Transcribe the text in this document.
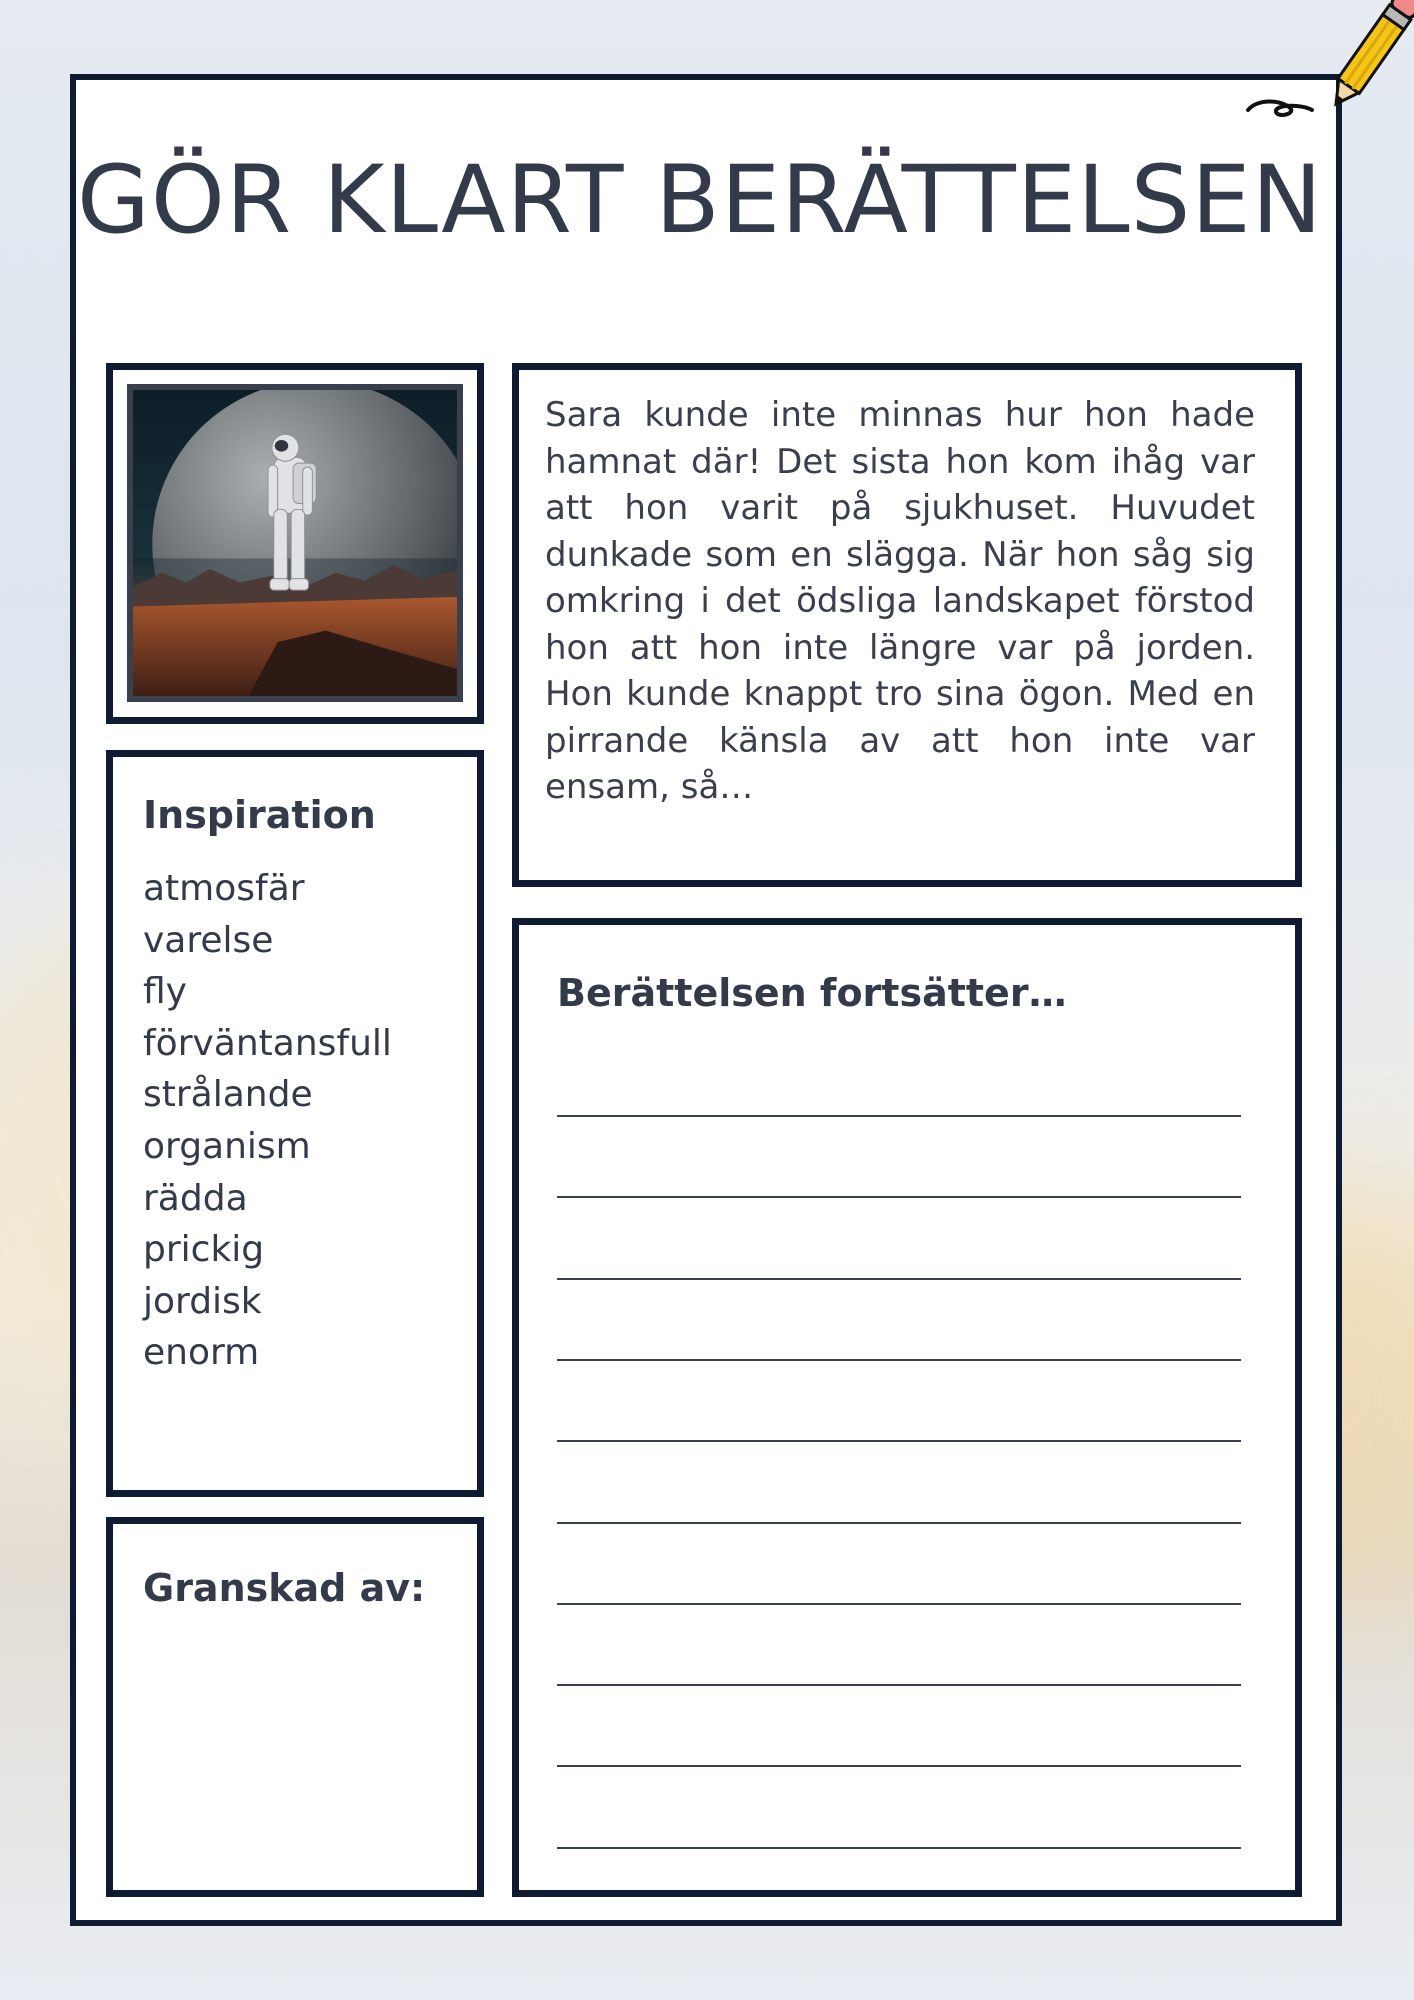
GÖR KLART BERÄTTELSEN

Sara kunde inte minnas hur hon hade hamnat där! Det sista hon kom ihåg var att hon varit på sjukhuset. Huvudet dunkade som en slägga. När hon såg sig omkring i det ödsliga landskapet förstod hon att hon inte längre var på jorden. Hon kunde knappt tro sina ögon. Med en pirrande känsla av att hon inte var ensam, så…

Inspiration
atmosfär
varelse
fly
förväntansfull
strålande
organism
rädda
prickig
jordisk
enorm
Granskad av:
Berättelsen fortsätter…
